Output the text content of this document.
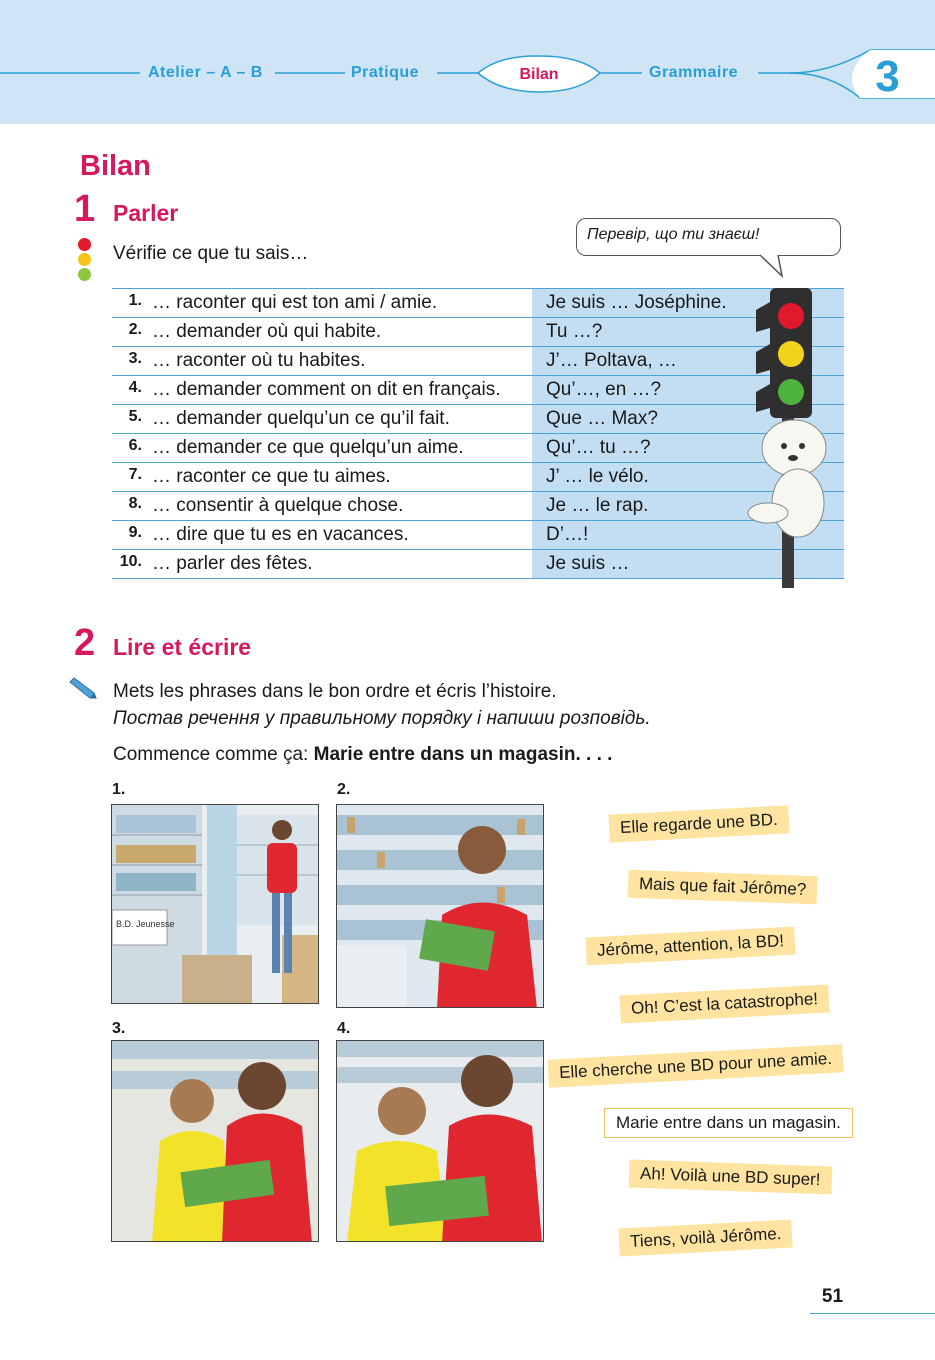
Atelier – A – B	Pratique	Bilan	Grammaire	3
Bilan
1 Parler
Vérifie ce que tu sais…
Перевір, що ти знаєш!
1. … raconter qui est ton ami / amie.	Je suis … Joséphine.
2. … demander où qui habite.	Tu …?
3. … raconter où tu habites.	J’… Poltava, …
4. … demander comment on dit en français.	Qu’…, en …?
5. … demander quelqu’un ce qu’il fait.	Que … Max?
6. … demander ce que quelqu’un aime.	Qu’… tu …?
7. … raconter ce que tu aimes.	J’ … le vélo.
8. … consentir à quelque chose.	Je … le rap.
9. … dire que tu es en vacances.	D’…!
10. … parler des fêtes.	Je suis …
2 Lire et écrire
Mets les phrases dans le bon ordre et écris l’histoire.
Постав речення у правильному порядку і напиши розповідь.
Commence comme ça: Marie entre dans un magasin. . . .
1.	2.
3.	4.
B.D. Jeunesse
Elle regarde une BD.
Mais que fait Jérôme?
Jérôme, attention, la BD!
Oh! C’est la catastrophe!
Elle cherche une BD pour une amie.
Marie entre dans un magasin.
Ah! Voilà une BD super!
Tiens, voilà Jérôme.
51
